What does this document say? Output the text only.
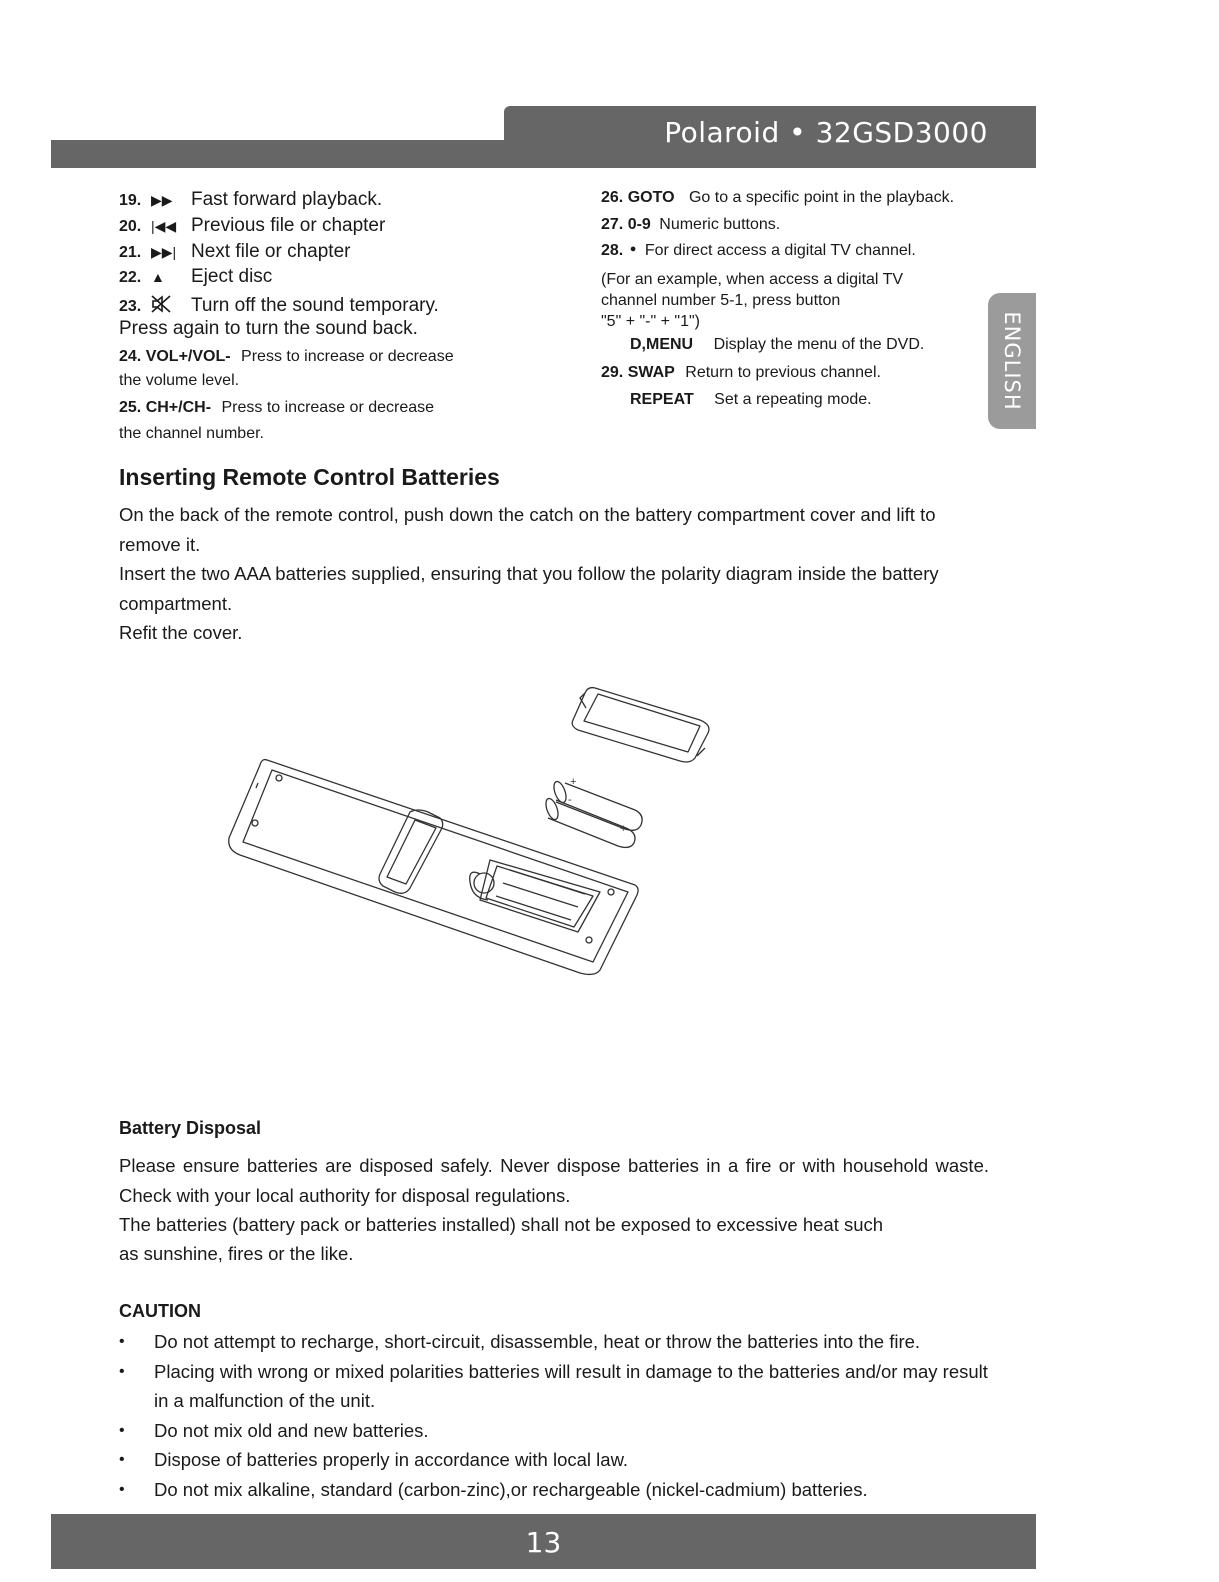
Polaroid • 32GSD3000
ENGLISH
19. ▶▶ Fast forward playback.
20. |◀◀ Previous file or chapter
21. ▶▶| Next file or chapter
22. ▲ Eject disc
23.	Turn off the sound temporary.
Press again to turn the sound back.
24. VOL+/VOL- Press to increase or decrease
the volume level.
25. CH+/CH- Press to increase or decrease
the channel number.
26. GOTO Go to a specific point in the playback.
27. 0-9 Numeric buttons.
28. ● For direct access a digital TV channel.
(For an example, when access a digital TV
channel number 5-1, press button
"5" + "-" + "1")
D,MENU Display the menu of the DVD.
29. SWAP Return to previous channel.
REPEAT Set a repeating mode.
Inserting Remote Control Batteries

On the back of the remote control, push down the catch on the battery compartment cover and lift to remove it.

Insert the two AAA batteries supplied, ensuring that you follow the polarity diagram inside the battery compartment.

Refit the cover.

+
+
-

Battery Disposal

Please ensure batteries are disposed safely. Never dispose batteries in a fire or with household waste. Check with your local authority for disposal regulations.

The batteries (battery pack or batteries installed) shall not be exposed to excessive heat such

as sunshine, fires or the like.

CAUTION

• Do not attempt to recharge, short-circuit, disassemble, heat or throw the batteries into the fire.
• Placing with wrong or mixed polarities batteries will result in damage to the batteries and/or may result in a malfunction of the unit.
• Do not mix old and new batteries.
• Dispose of batteries properly in accordance with local law.
• Do not mix alkaline, standard (carbon-zinc),or rechargeable (nickel-cadmium) batteries.
13
